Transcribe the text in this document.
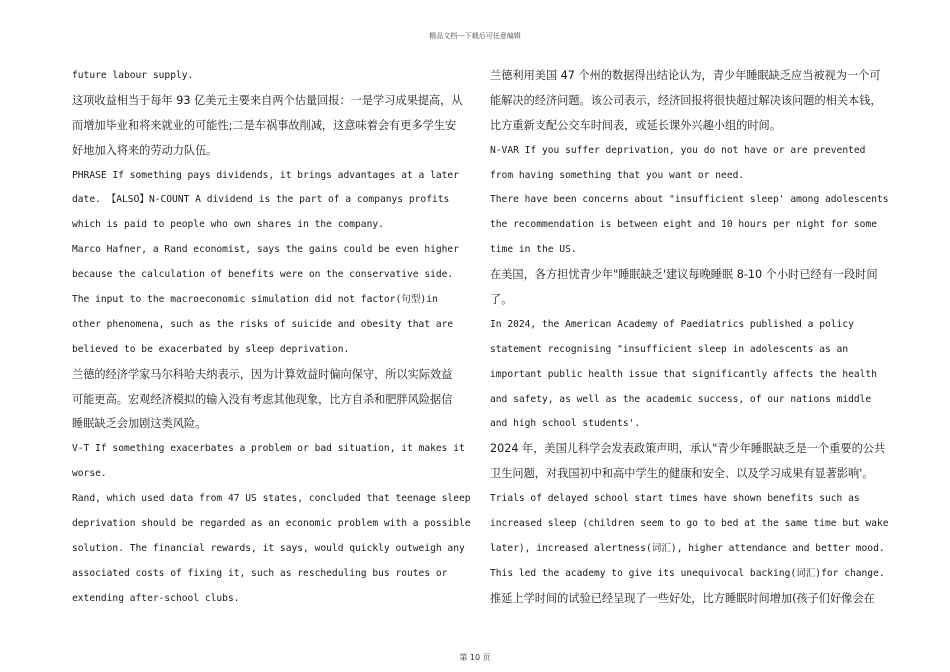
精品文档---下载后可任意编辑
future labour supply.
这项收益相当于每年 93 亿美元主要来自两个估量回报：一是学习成果提高，从
而增加毕业和将来就业的可能性;二是车祸事故削减，这意味着会有更多学生安
好地加入将来的劳动力队伍。
PHRASE If something pays dividends, it brings advantages at a later
date. 【ALSO】N-COUNT A dividend is the part of a companys profits
which is paid to people who own shares in the company.
Marco Hafner, a Rand economist, says the gains could be even higher
because the calculation of benefits were on the conservative side.
The input to the macroeconomic simulation did not factor(句型)in
other phenomena, such as the risks of suicide and obesity that are
believed to be exacerbated by sleep deprivation.
兰德的经济学家马尔科哈夫纳表示，因为计算效益时偏向保守，所以实际效益
可能更高。宏观经济模拟的输入没有考虑其他现象，比方自杀和肥胖风险据信
睡眠缺乏会加剧这类风险。
V-T If something exacerbates a problem or bad situation, it makes it
worse.
Rand, which used data from 47 US states, concluded that teenage sleep
deprivation should be regarded as an economic problem with a possible
solution. The financial rewards, it says, would quickly outweigh any
associated costs of fixing it, such as rescheduling bus routes or
extending after-school clubs.
兰德利用美国 47 个州的数据得出结论认为，青少年睡眠缺乏应当被视为一个可
能解决的经济问题。该公司表示，经济回报将很快超过解决该问题的相关本钱，
比方重新支配公交车时间表，或延长课外兴趣小组的时间。
N-VAR If you suffer deprivation, you do not have or are prevented
from having something that you want or need.
There have been concerns about "insufficient sleep' among adolescents
the recommendation is between eight and 10 hours per night for some
time in the US.
在美国，各方担忧青少年"睡眠缺乏'建议每晚睡眠 8-10 个小时已经有一段时间
了。
In 2024, the American Academy of Paediatrics published a policy
statement recognising "insufficient sleep in adolescents as an
important public health issue that significantly affects the health
and safety, as well as the academic success, of our nations middle
and high school students'.
2024 年，美国儿科学会发表政策声明，承认"青少年睡眠缺乏是一个重要的公共
卫生问题，对我国初中和高中学生的健康和安全、以及学习成果有显著影响'。
Trials of delayed school start times have shown benefits such as
increased sleep (children seem to go to bed at the same time but wake
later), increased alertness(词汇), higher attendance and better mood.
This led the academy to give its unequivocal backing(词汇)for change.
推延上学时间的试验已经呈现了一些好处，比方睡眠时间增加(孩子们好像会在
第 10 页
